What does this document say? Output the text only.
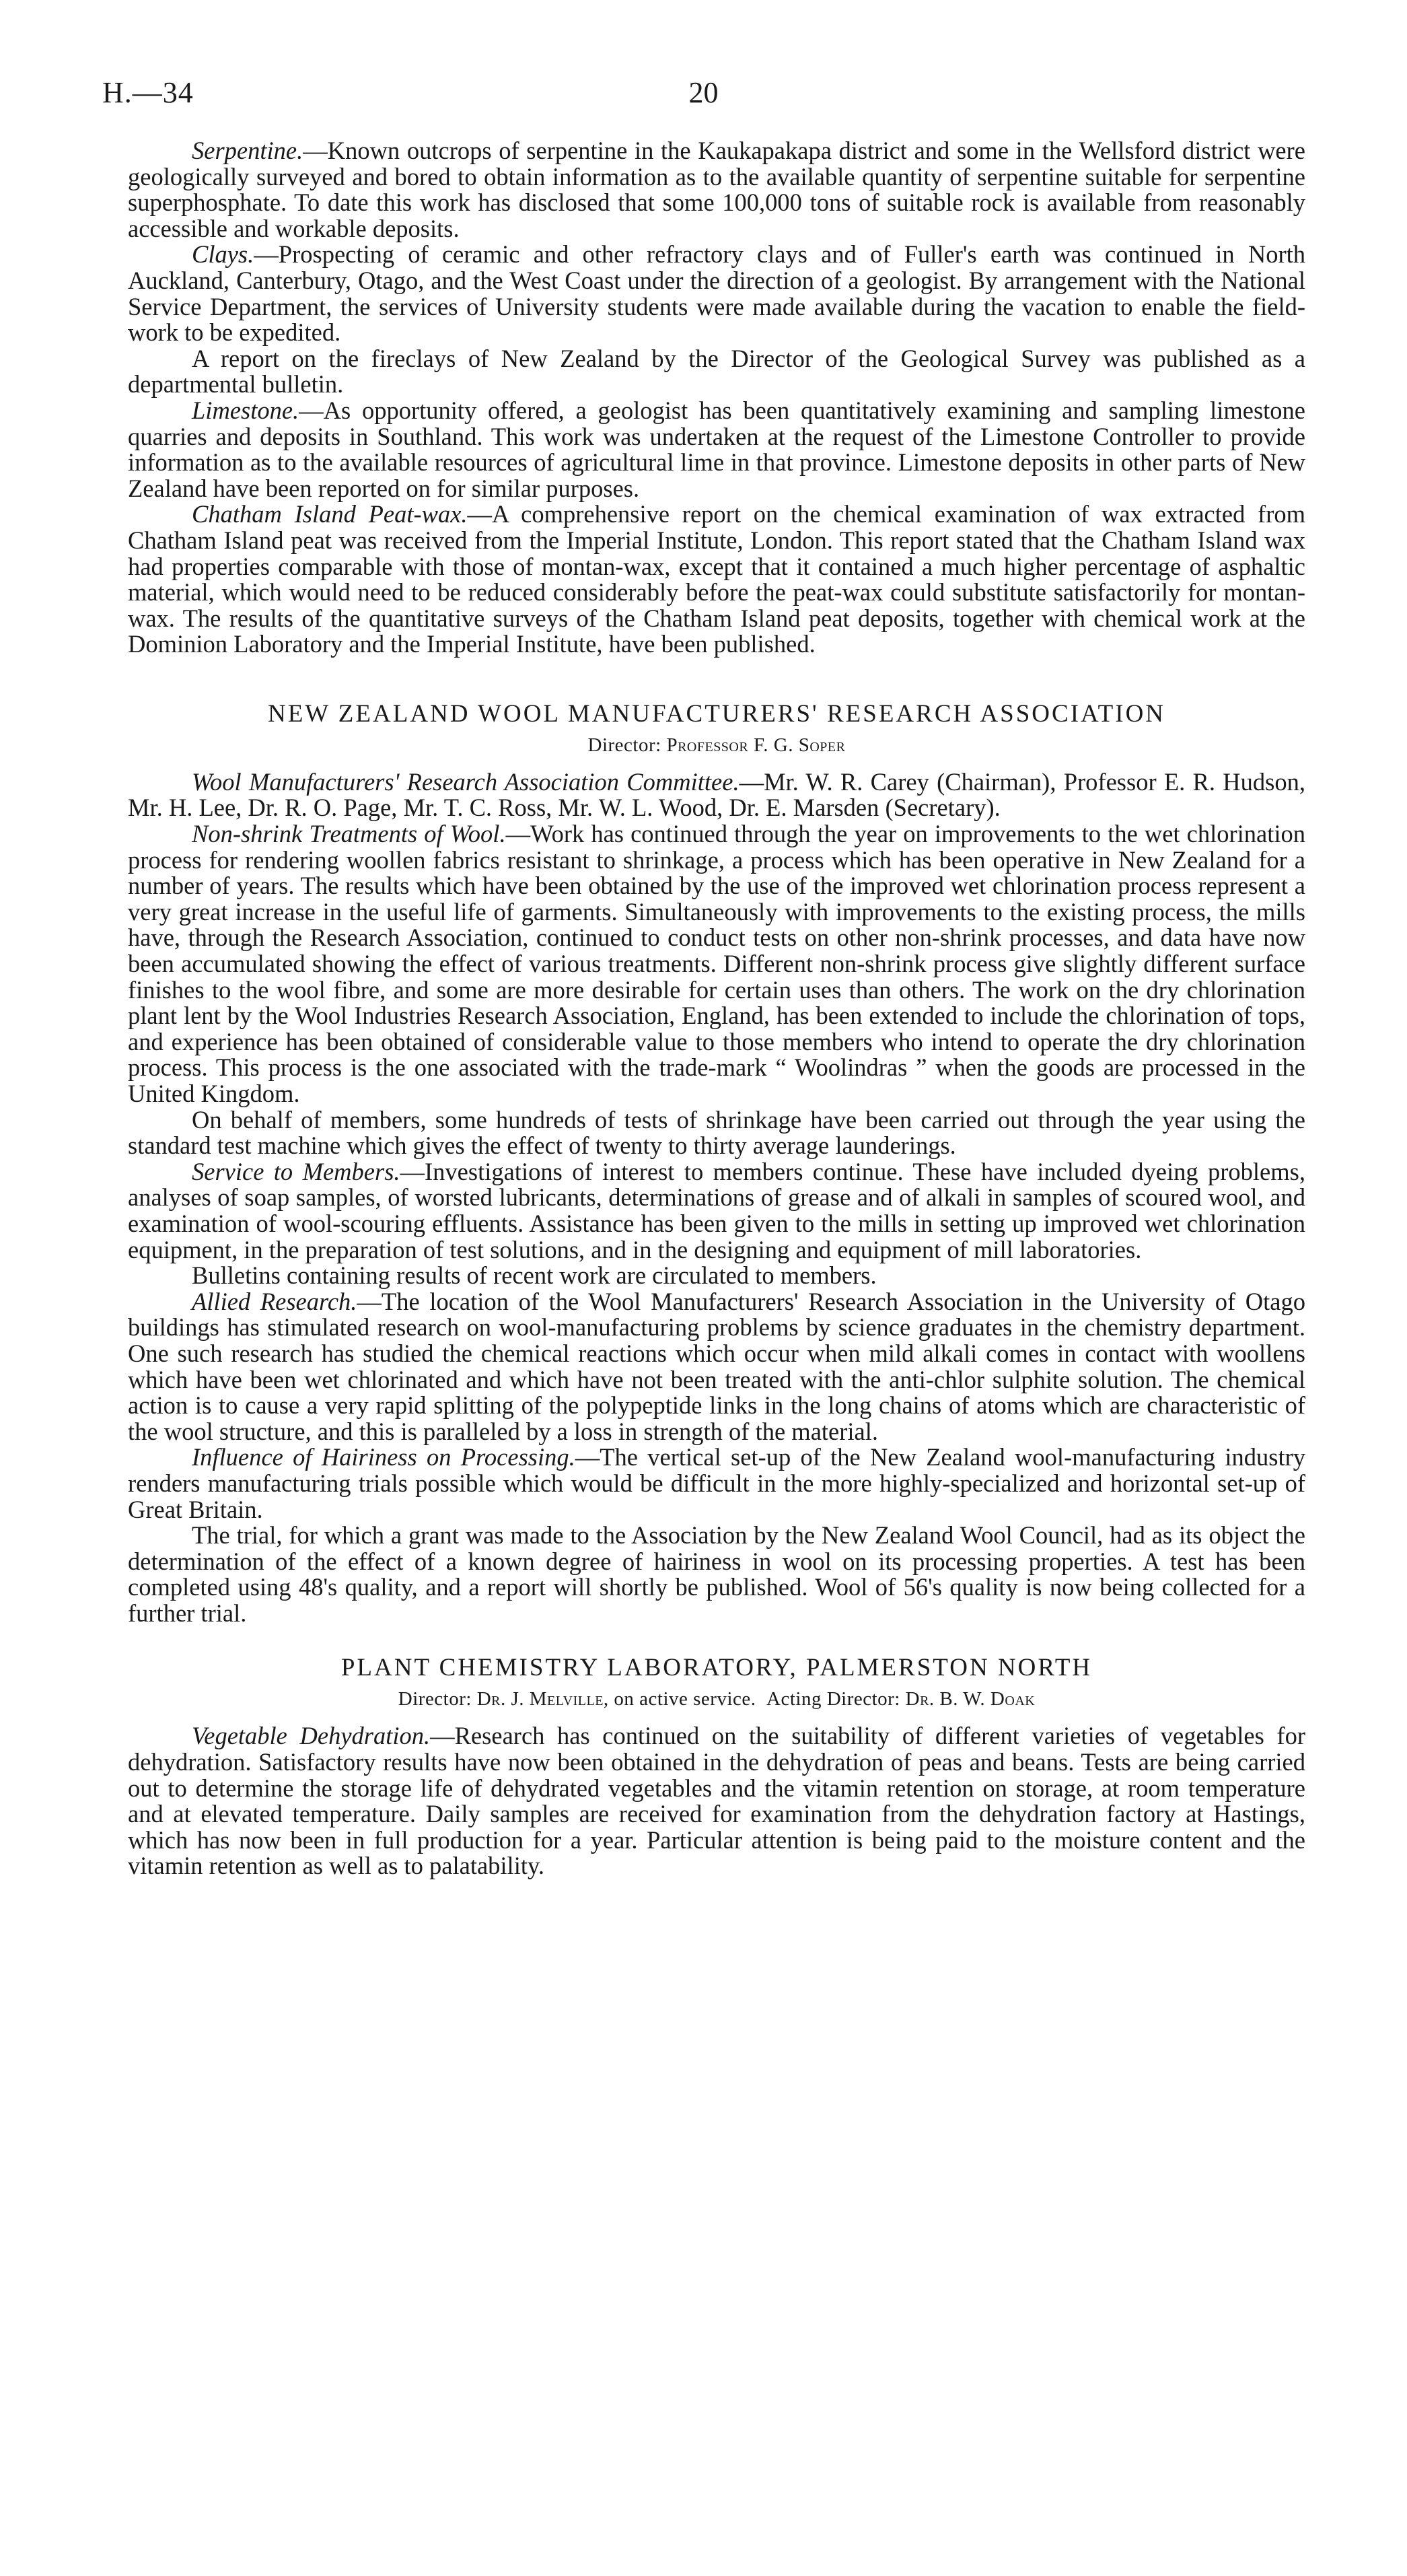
H.—34	20

Serpentine.—Known outcrops of serpentine in the Kaukapakapa district and some in the Wellsford district were geologically surveyed and bored to obtain information as to the available quantity of serpentine suitable for serpentine superphosphate. To date this work has disclosed that some 100,000 tons of suitable rock is available from reasonably accessible and workable deposits.

Clays.—Prospecting of ceramic and other refractory clays and of Fuller's earth was continued in North Auckland, Canterbury, Otago, and the West Coast under the direction of a geologist. By arrangement with the National Service Department, the services of University students were made available during the vacation to enable the field-work to be expedited.

A report on the fireclays of New Zealand by the Director of the Geological Survey was published as a departmental bulletin.

Limestone.—As opportunity offered, a geologist has been quantitatively examining and sampling limestone quarries and deposits in Southland. This work was undertaken at the request of the Limestone Controller to provide information as to the available resources of agricultural lime in that province. Limestone deposits in other parts of New Zealand have been reported on for similar purposes.

Chatham Island Peat-wax.—A comprehensive report on the chemical examination of wax extracted from Chatham Island peat was received from the Imperial Institute, London. This report stated that the Chatham Island wax had properties comparable with those of montan-wax, except that it contained a much higher percentage of asphaltic material, which would need to be reduced considerably before the peat-wax could substitute satisfactorily for montan-wax. The results of the quantitative surveys of the Chatham Island peat deposits, together with chemical work at the Dominion Laboratory and the Imperial Institute, have been published.

NEW ZEALAND WOOL MANUFACTURERS' RESEARCH ASSOCIATION
Director: Professor F. G. Soper

Wool Manufacturers' Research Association Committee.—Mr. W. R. Carey (Chairman), Professor E. R. Hudson, Mr. H. Lee, Dr. R. O. Page, Mr. T. C. Ross, Mr. W. L. Wood, Dr. E. Marsden (Secretary).

Non-shrink Treatments of Wool.—Work has continued through the year on improvements to the wet chlorination process for rendering woollen fabrics resistant to shrinkage, a process which has been operative in New Zealand for a number of years. The results which have been obtained by the use of the improved wet chlorination process represent a very great increase in the useful life of garments. Simultaneously with improvements to the existing process, the mills have, through the Research Association, continued to conduct tests on other non-shrink processes, and data have now been accumulated showing the effect of various treatments. Different non-shrink process give slightly different surface finishes to the wool fibre, and some are more desirable for certain uses than others. The work on the dry chlorination plant lent by the Wool Industries Research Association, England, has been extended to include the chlorination of tops, and experience has been obtained of considerable value to those members who intend to operate the dry chlorination process. This process is the one associated with the trade-mark “ Woolindras ” when the goods are processed in the United Kingdom.

On behalf of members, some hundreds of tests of shrinkage have been carried out through the year using the standard test machine which gives the effect of twenty to thirty average launderings.

Service to Members.—Investigations of interest to members continue. These have included dyeing problems, analyses of soap samples, of worsted lubricants, determinations of grease and of alkali in samples of scoured wool, and examination of wool-scouring effluents. Assistance has been given to the mills in setting up improved wet chlorination equipment, in the preparation of test solutions, and in the designing and equipment of mill laboratories.

Bulletins containing results of recent work are circulated to members.

Allied Research.—The location of the Wool Manufacturers' Research Association in the University of Otago buildings has stimulated research on wool-manufacturing problems by science graduates in the chemistry department. One such research has studied the chemical reactions which occur when mild alkali comes in contact with woollens which have been wet chlorinated and which have not been treated with the anti-chlor sulphite solution. The chemical action is to cause a very rapid splitting of the polypeptide links in the long chains of atoms which are characteristic of the wool structure, and this is paralleled by a loss in strength of the material.

Influence of Hairiness on Processing.—The vertical set-up of the New Zealand wool-manufacturing industry renders manufacturing trials possible which would be difficult in the more highly-specialized and horizontal set-up of Great Britain.

The trial, for which a grant was made to the Association by the New Zealand Wool Council, had as its object the determination of the effect of a known degree of hairiness in wool on its processing properties. A test has been completed using 48's quality, and a report will shortly be published. Wool of 56's quality is now being collected for a further trial.

PLANT CHEMISTRY LABORATORY, PALMERSTON NORTH
Director: Dr. J. Melville, on active service. Acting Director: Dr. B. W. Doak

Vegetable Dehydration.—Research has continued on the suitability of different varieties of vegetables for dehydration. Satisfactory results have now been obtained in the dehydration of peas and beans. Tests are being carried out to determine the storage life of dehydrated vegetables and the vitamin retention on storage, at room temperature and at elevated temperature. Daily samples are received for examination from the dehydration factory at Hastings, which has now been in full production for a year. Particular attention is being paid to the moisture content and the vitamin retention as well as to palatability.
